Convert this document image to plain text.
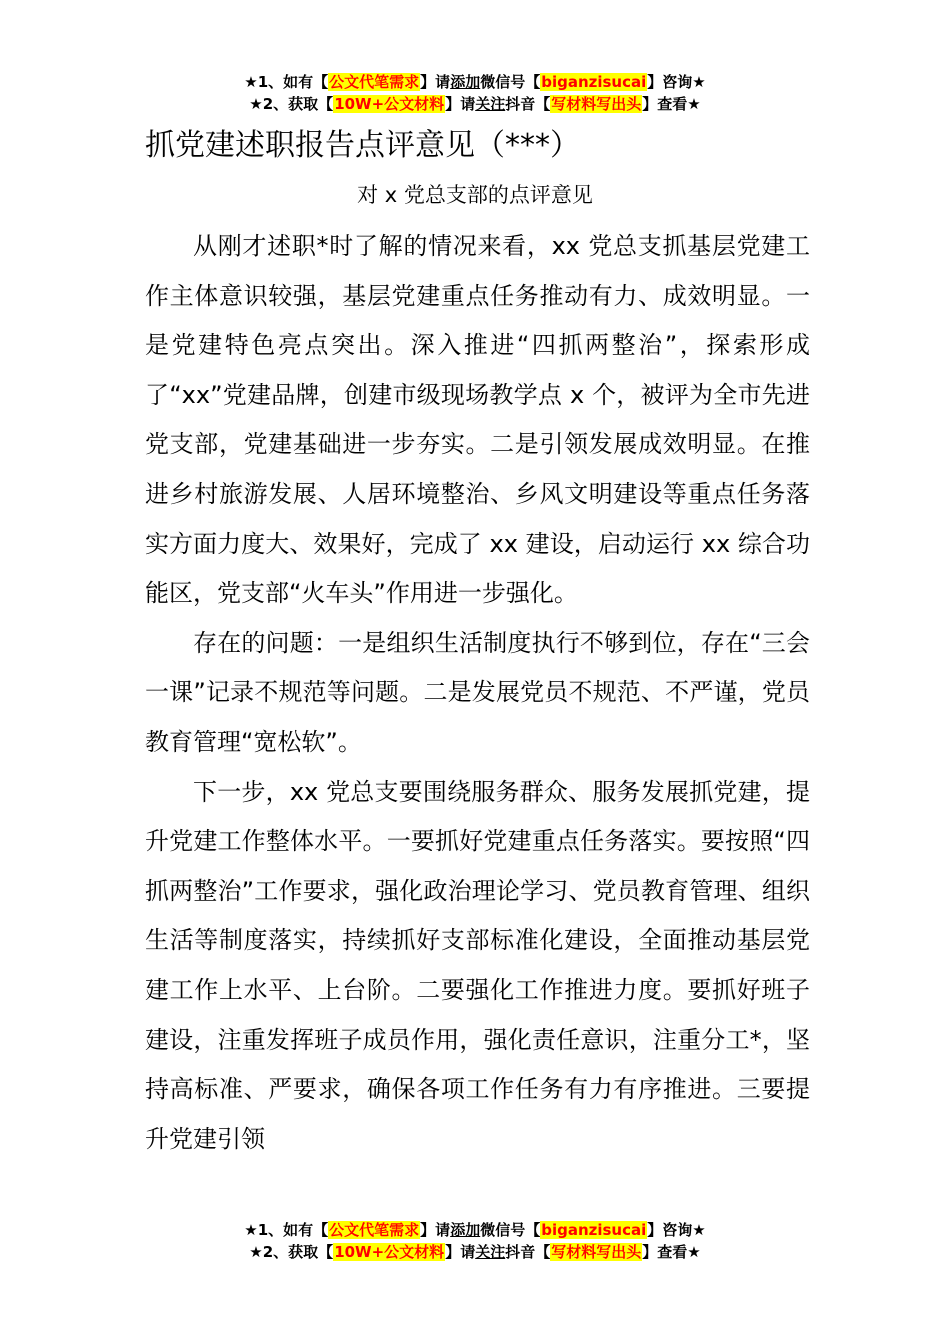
★1、如有【公文代笔需求】请添加微信号【biganzisucai】咨询★
★2、获取【10W+公文材料】请关注抖音【写材料写出头】查看★
抓党建述职报告点评意见（***）
对 x 党总支部的点评意见

从刚才述职*时了解的情况来看，xx 党总支抓基层党建工作主体意识较强，基层党建重点任务推动有力、成效明显。一是党建特色亮点突出。深入推进“四抓两整治”，探索形成了“xx”党建品牌，创建市级现场教学点 x 个，被评为全市先进党支部，党建基础进一步夯实。二是引领发展成效明显。在推进乡村旅游发展、人居环境整治、乡风文明建设等重点任务落实方面力度大、效果好，完成了 xx 建设，启动运行 xx 综合功能区，党支部“火车头”作用进一步强化。

存在的问题：一是组织生活制度执行不够到位，存在“三会一课”记录不规范等问题。二是发展党员不规范、不严谨，党员教育管理“宽松软”。

下一步，xx 党总支要围绕服务群众、服务发展抓党建，提升党建工作整体水平。一要抓好党建重点任务落实。要按照“四抓两整治”工作要求，强化政治理论学习、党员教育管理、组织生活等制度落实，持续抓好支部标准化建设，全面推动基层党建工作上水平、上台阶。二要强化工作推进力度。要抓好班子建设，注重发挥班子成员作用，强化责任意识，注重分工*，坚持高标准、严要求，确保各项工作任务有力有序推进。三要提升党建引领

★1、如有【公文代笔需求】请添加微信号【biganzisucai】咨询★
★2、获取【10W+公文材料】请关注抖音【写材料写出头】查看★
